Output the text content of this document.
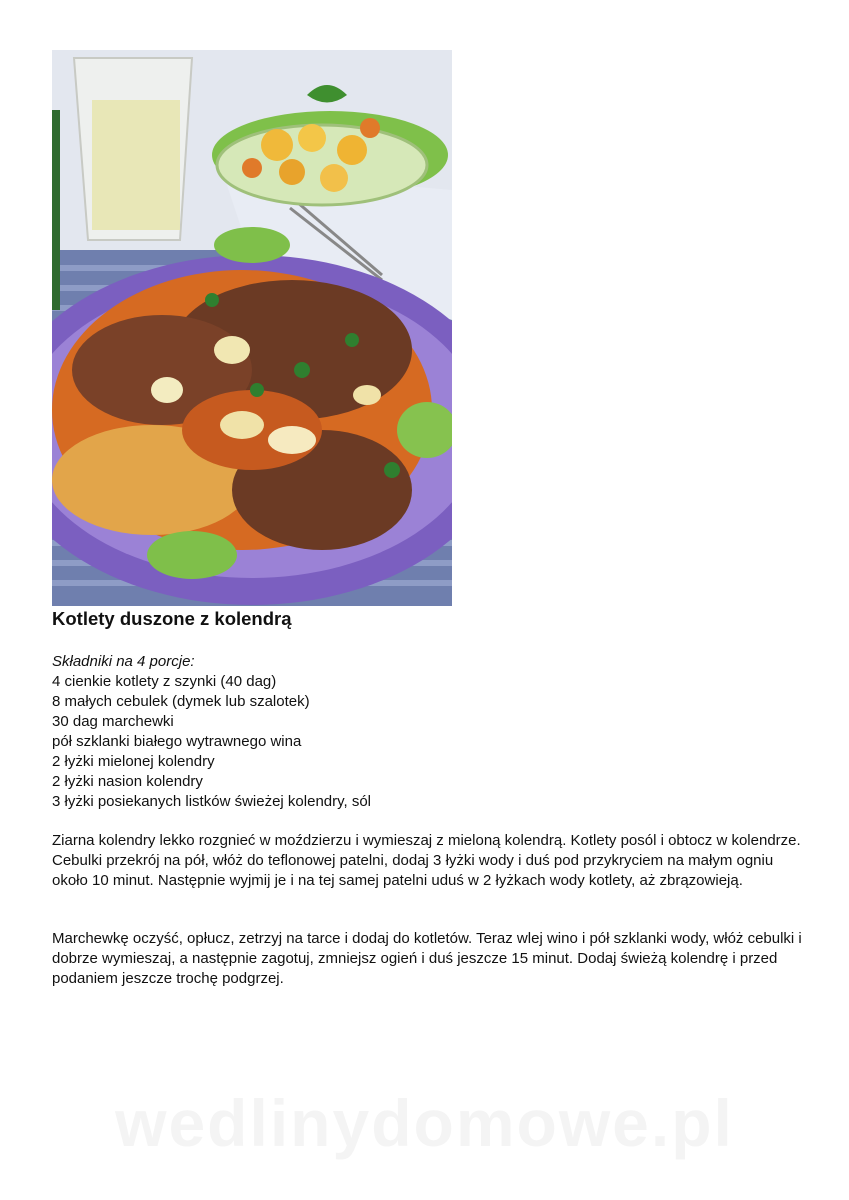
Kotlety duszone z kolendrą
Składniki na 4 porcje:
4 cienkie kotlety z szynki (40 dag)
8 małych cebulek (dymek lub szalotek)
30 dag marchewki
pół szklanki białego wytrawnego wina
2 łyżki mielonej kolendry
2 łyżki nasion kolendry
3 łyżki posiekanych listków świeżej kolendry, sól
Ziarna kolendry lekko rozgnieć w moździerzu i wymieszaj z mieloną kolendrą. Kotlety posól i obtocz w kolendrze. Cebulki przekrój na pół, włóż do teflonowej patelni, dodaj 3 łyżki wody i duś pod przykryciem na małym ogniu około 10 minut. Następnie wyjmij je i na tej samej patelni uduś w 2 łyżkach wody kotlety, aż zbrązowieją.
Marchewkę oczyść, opłucz, zetrzyj na tarce i dodaj do kotletów. Teraz wlej wino i pół szklanki wody, włóż cebulki i dobrze wymieszaj, a następnie zagotuj, zmniejsz ogień i duś jeszcze 15 minut. Dodaj świeżą kolendrę i przed podaniem jeszcze trochę podgrzej.
wedlinydomowe.pl
